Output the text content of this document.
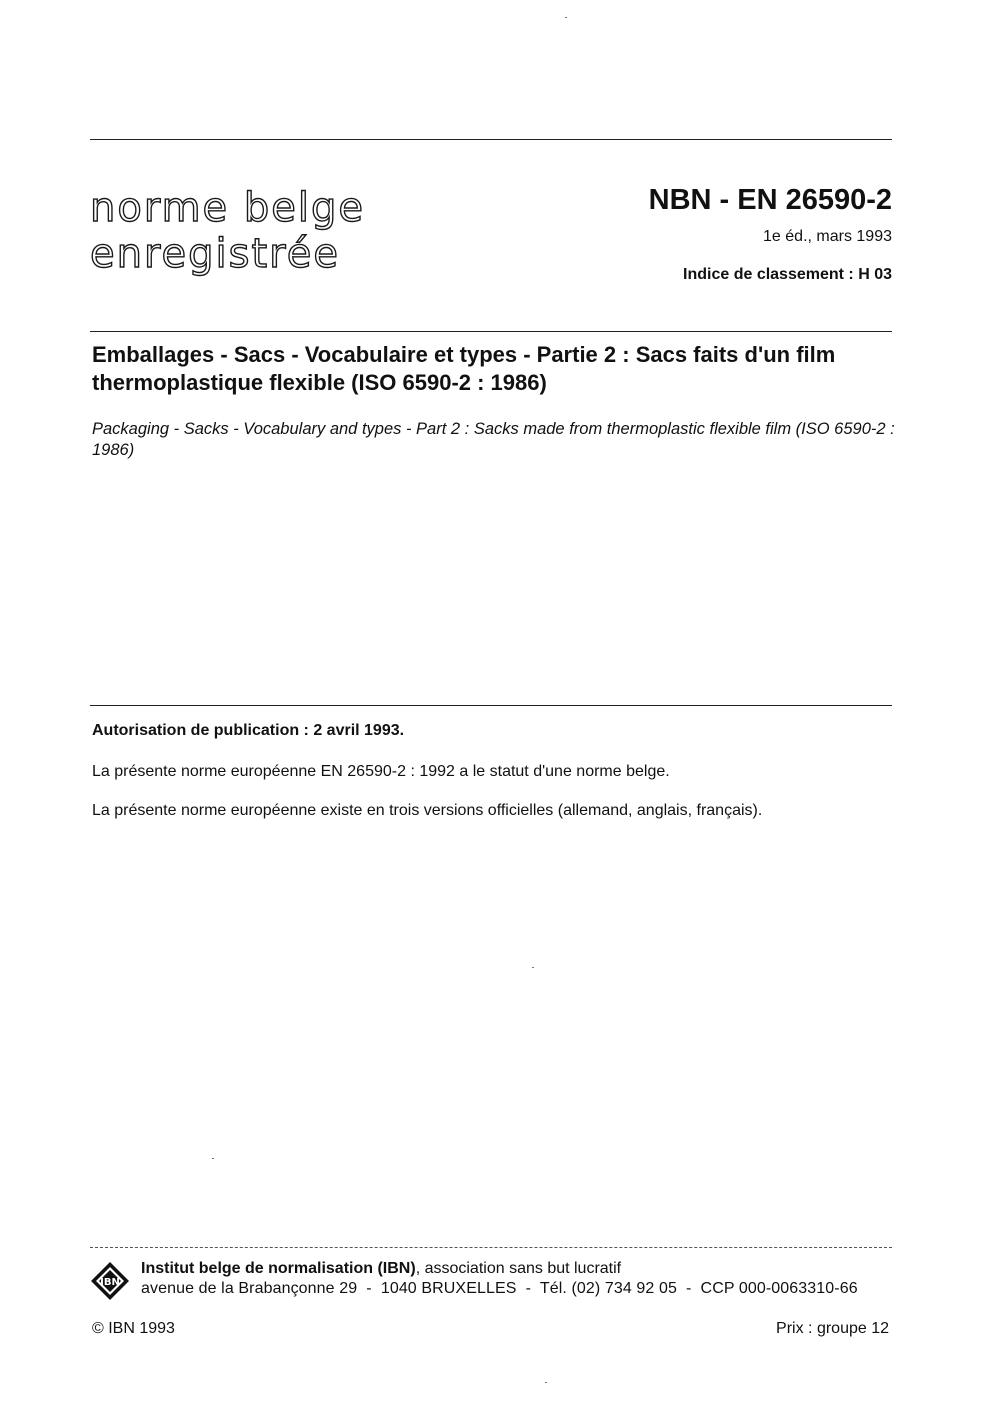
norme belge
enregistrée
NBN - EN 26590-2
1e éd., mars 1993
Indice de classement : H 03
Emballages - Sacs - Vocabulaire et types - Partie 2 : Sacs faits d'un film thermoplastique flexible (ISO 6590-2 : 1986)
Packaging - Sacks - Vocabulary and types - Part 2 : Sacks made from thermoplastic flexible film (ISO 6590-2 : 1986)
Autorisation de publication : 2 avril 1993.
La présente norme européenne EN 26590-2 : 1992 a le statut d'une norme belge.
La présente norme européenne existe en trois versions officielles (allemand, anglais, français).
IBN
Institut belge de normalisation (IBN), association sans but lucratif
avenue de la Brabançonne 29  -  1040 BRUXELLES  -  Tél. (02) 734 92 05  -  CCP 000-0063310-66
© IBN 1993	Prix : groupe 12
